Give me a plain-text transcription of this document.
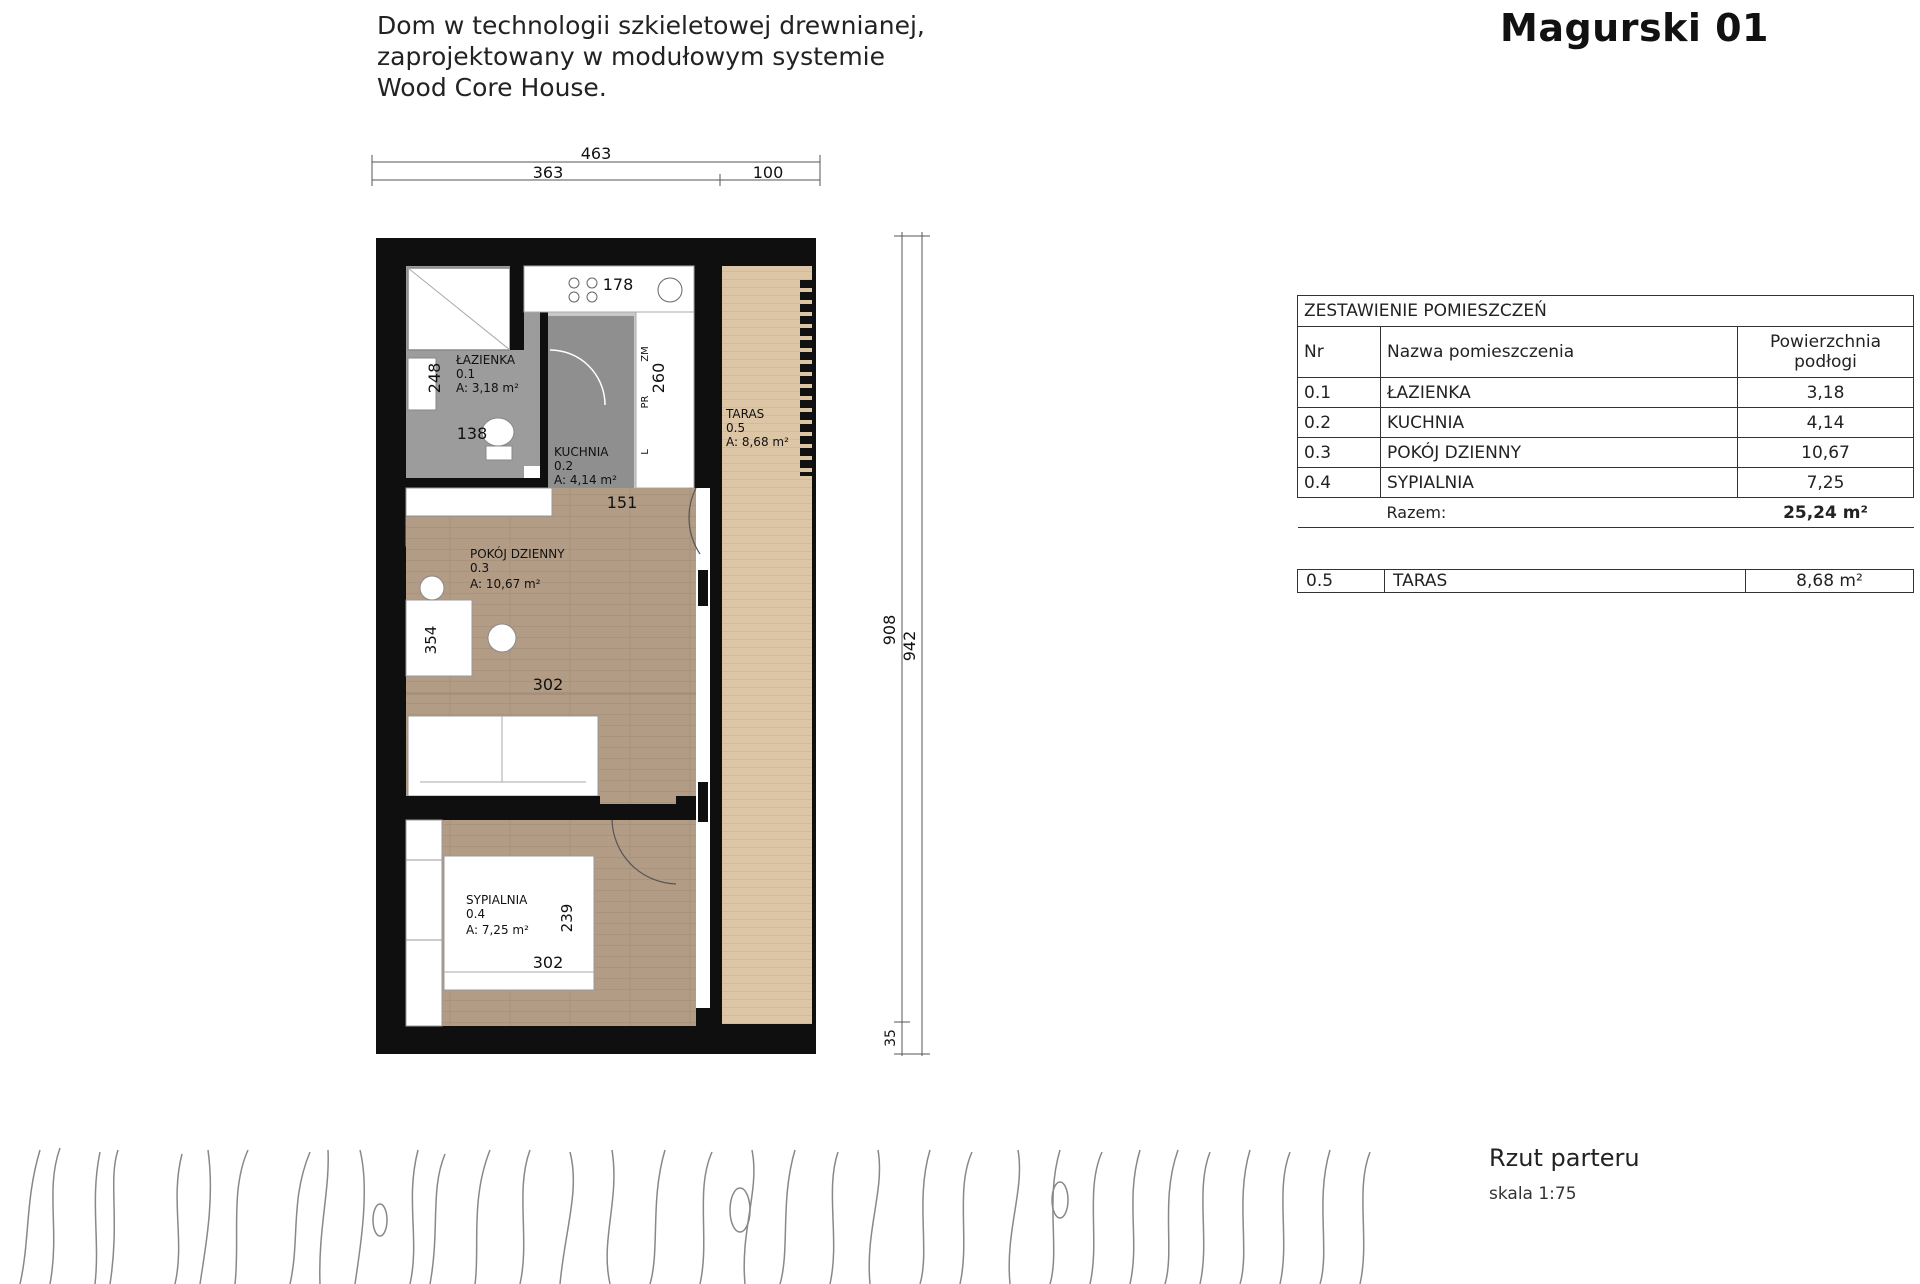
Dom w technologii szkieletowej drewnianej,
zaprojektowany w modułowym systemie
Wood Core House.
Magurski 01
463
363	100
908
942
35
178
248	260
138
ZM
PR
L
151
354
302
239
302
ŁAZIENKA
0.1
A: 3,18 m²
KUCHNIA
0.2
A: 4,14 m²
TARAS
0.5
A: 8,68 m²
POKÓJ DZIENNY
0.3
A: 10,67 m²
SYPIALNIA
0.4
A: 7,25 m²
ZESTAWIENIE POMIESZCZEŃ		
Nr	Nazwa pomieszczenia	Powierzchnia podłogi
0.1	ŁAZIENKA	3,18
0.2	KUCHNIA	4,14
0.3	POKÓJ DZIENNY	10,67
0.4	SYPIALNIA	7,25
	Razem:	25,24 m²
0.5	TARAS	8,68 m²
Rzut parteru
skala 1:75
